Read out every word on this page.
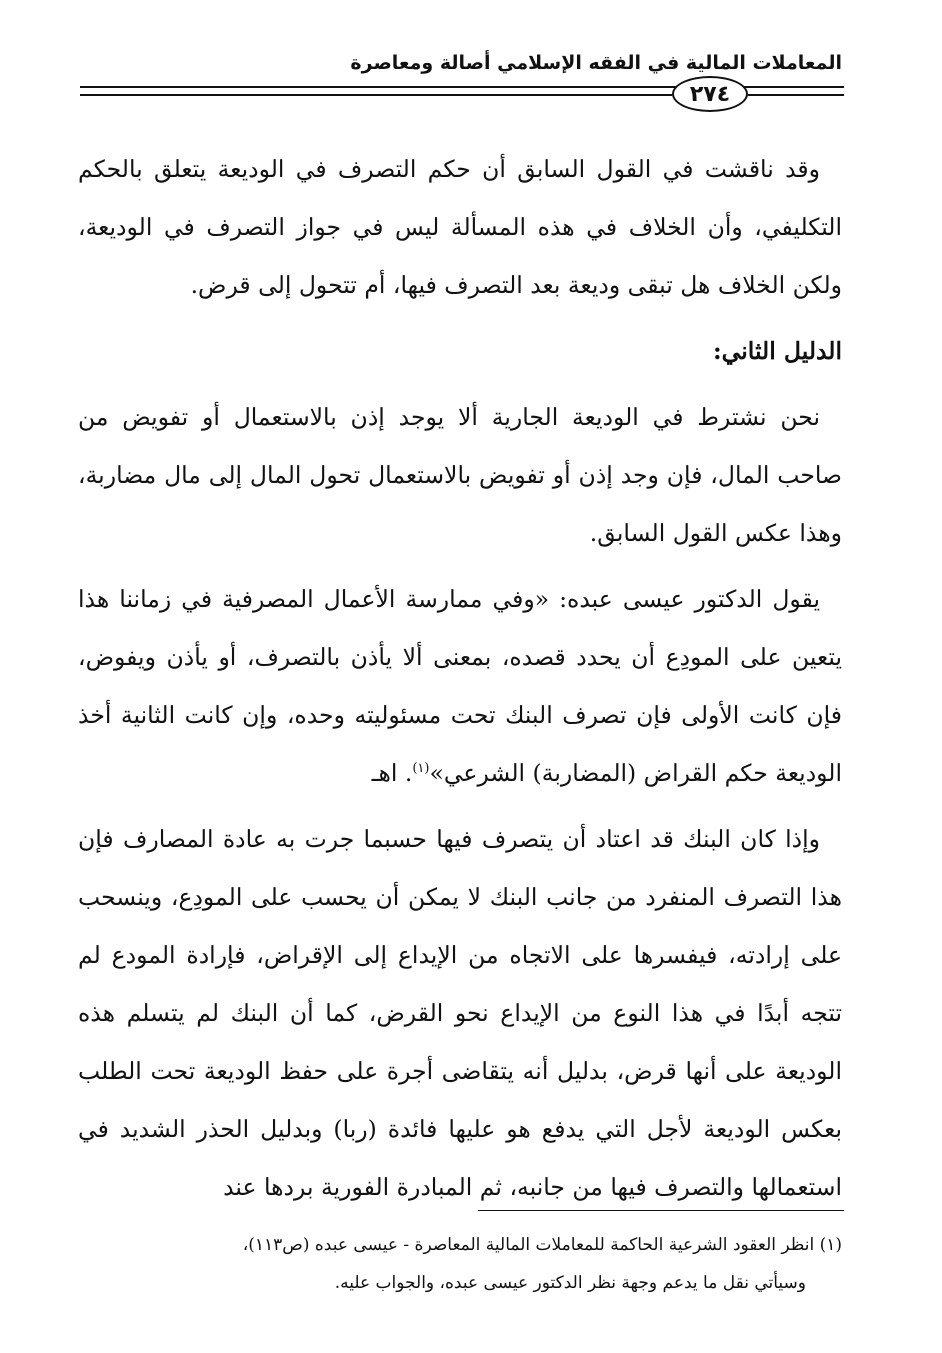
المعاملات المالية في الفقه الإسلامي أصالة ومعاصرة
٢٧٤

وقد ناقشت في القول السابق أن حكم التصرف في الوديعة يتعلق بالحكم التكليفي، وأن الخلاف في هذه المسألة ليس في جواز التصرف في الوديعة، ولكن الخلاف هل تبقى وديعة بعد التصرف فيها، أم تتحول إلى قرض.

الدليل الثاني:

نحن نشترط في الوديعة الجارية ألا يوجد إذن بالاستعمال أو تفويض من صاحب المال، فإن وجد إذن أو تفويض بالاستعمال تحول المال إلى مال مضاربة، وهذا عكس القول السابق.

يقول الدكتور عيسى عبده: «وفي ممارسة الأعمال المصرفية في زماننا هذا يتعين على المودِع أن يحدد قصده، بمعنى ألا يأذن بالتصرف، أو يأذن ويفوض، فإن كانت الأولى فإن تصرف البنك تحت مسئوليته وحده، وإن كانت الثانية أخذ الوديعة حكم القراض (المضاربة) الشرعي»$^{(١)}$. اهـ

وإذا كان البنك قد اعتاد أن يتصرف فيها حسبما جرت به عادة المصارف فإن هذا التصرف المنفرد من جانب البنك لا يمكن أن يحسب على المودِع، وينسحب على إرادته، فيفسرها على الاتجاه من الإيداع إلى الإقراض، فإرادة المودع لم تتجه أبدًا في هذا النوع من الإيداع نحو القرض، كما أن البنك لم يتسلم هذه الوديعة على أنها قرض، بدليل أنه يتقاضى أجرة على حفظ الوديعة تحت الطلب بعكس الوديعة لأجل التي يدفع هو عليها فائدة (ربا) وبدليل الحذر الشديد في استعمالها والتصرف فيها من جانبه، ثم المبادرة الفورية بردها عند

(١) انظر العقود الشرعية الحاكمة للمعاملات المالية المعاصرة - عيسى عبده (ص١١٣)،

وسيأتي نقل ما يدعم وجهة نظر الدكتور عيسى عبده، والجواب عليه.
